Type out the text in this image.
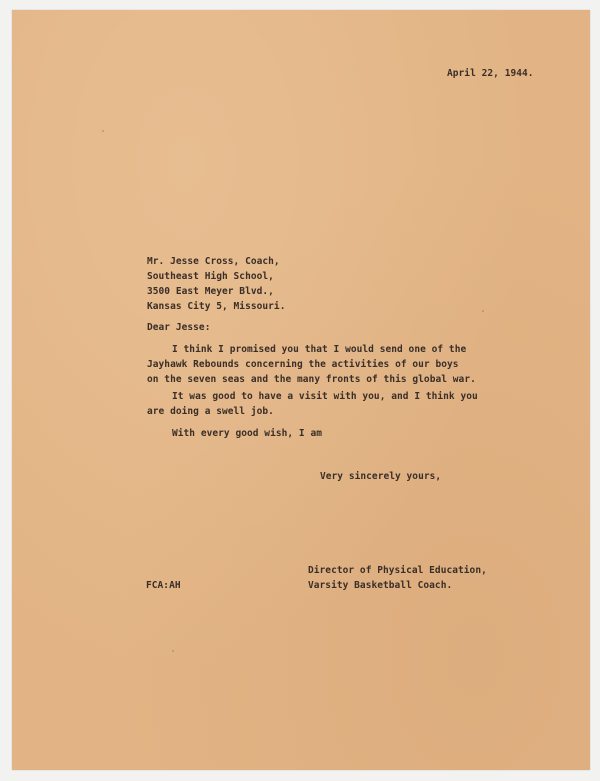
April 22, 1944.
Mr. Jesse Cross, Coach,
Southeast High School,
3500 East Meyer Blvd.,
Kansas City 5, Missouri.
Dear Jesse:
I think I promised you that I would send one of the
Jayhawk Rebounds concerning the activities of our boys
on the seven seas and the many fronts of this global war.
It was good to have a visit with you, and I think you
are doing a swell job.
With every good wish, I am
Very sincerely yours,
Director of Physical Education,
Varsity Basketball Coach.
FCA:AH
